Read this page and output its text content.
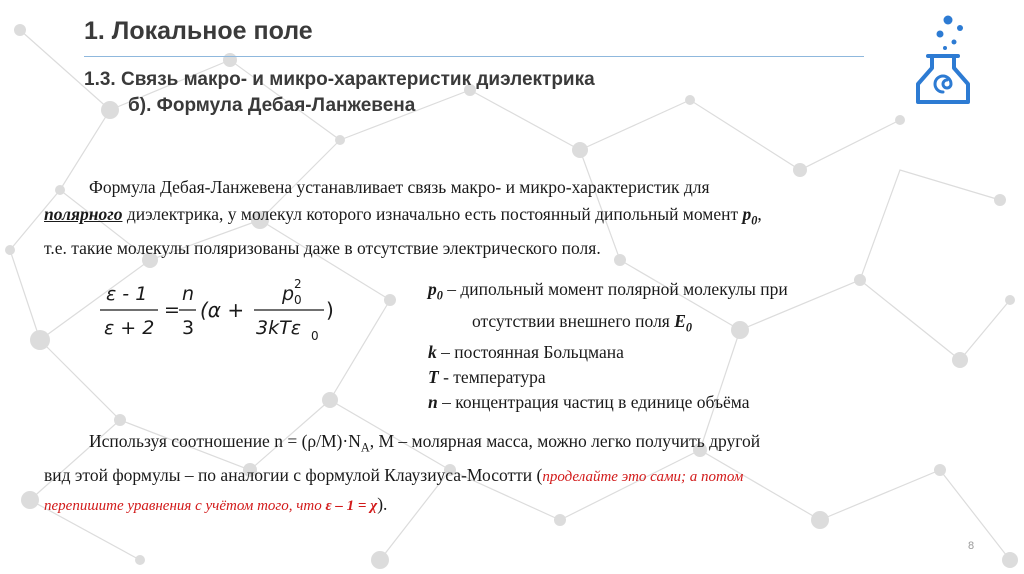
1. Локальное поле
1.3. Связь макро- и микро-характеристик диэлектрика
б). Формула Дебая-Ланжевена
Формула Дебая-Ланжевена устанавливает связь макро- и микро-характеристик для
полярного диэлектрика, у молекул которого изначально есть постоянный дипольный момент $p_0$,
т.е. такие молекулы поляризованы даже в отсутствие электрического поля.
ε - 1
ε + 2
=
n
3
(α +
p 2
0
3kTε 0
)
$p_0$ – дипольный момент полярной молекулы при
отсутствии внешнего поля $E_0$
k – постоянная Больцмана
T - температура
n – концентрация частиц в единице объёма
Используя соотношение $n = (\rho/M)\cdot N_A$, M – молярная масса, можно легко получить другой
вид этой формулы – по аналогии с формулой Клаузиуса-Мосотти (проделайте это сами; а потом
перепишите уравнения с учётом того, что ε – 1 = χ).
8
